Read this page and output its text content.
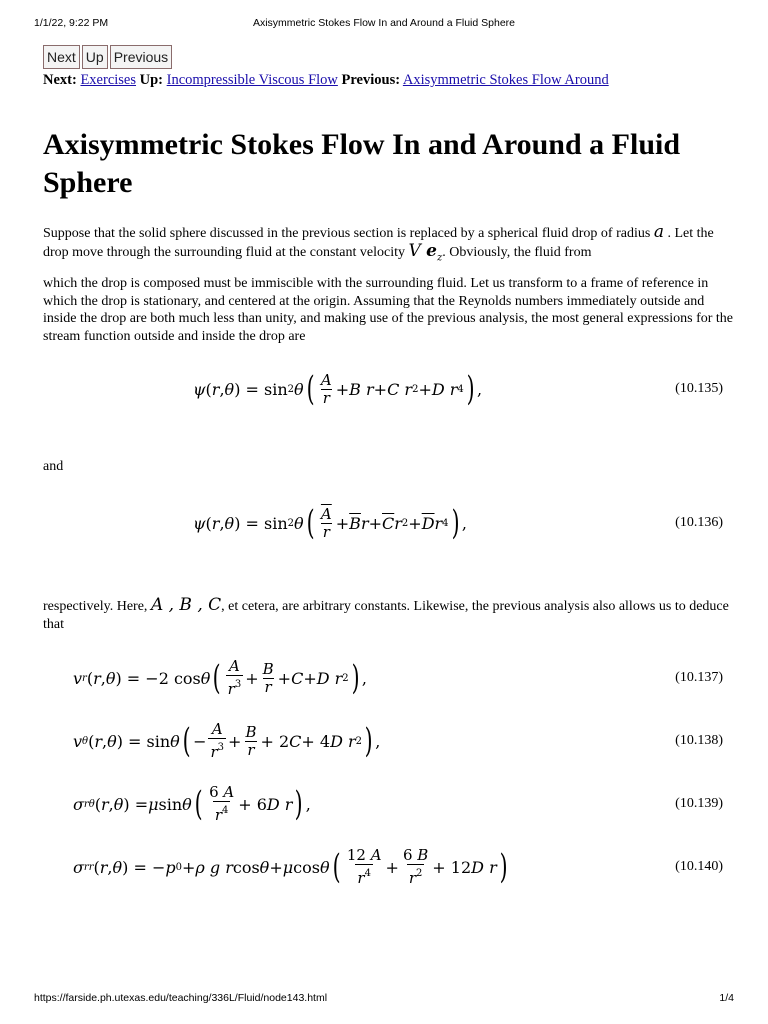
1/1/22, 9:22 PM	Axisymmetric Stokes Flow In and Around a Fluid Sphere
Next Up Previous
Next: Exercises Up: Incompressible Viscous Flow Previous: Axisymmetric Stokes Flow Around
Axisymmetric Stokes Flow In and Around a Fluid Sphere

Suppose that the solid sphere discussed in the previous section is replaced by a spherical fluid drop of radius a . Let the drop move through the surrounding fluid at the constant velocity V $e_z$. Obviously, the fluid from

which the drop is composed must be immiscible with the surrounding fluid. Let us transform to a frame of reference in which the drop is stationary, and centered at the origin. Assuming that the Reynolds numbers immediately outside and inside the drop are both much less than unity, and making use of the previous analysis, the most general expressions for the stream function outside and inside the drop are

ψ ( r , θ ) = sin 2 θ ( $\frac{A}{r} + B$ r + C r 2 + D r 4 ) ,	(10.135)

and

ψ ( r , θ ) = sin 2 θ ( $\frac{\overline{A}}{r} + \overline{B}$ $r + \overline{C}$ r $2 + \overline{D}$ r 4 ) ,	(10.136)

respectively. Here, A , B , C, et cetera, are arbitrary constants. Likewise, the previous analysis also allows us to deduce that

v r ( r , θ ) = −2 cos θ ( $\frac{A}{r^3} + \frac{B}{r} + C + D$ r 2 ) ,	(10.137)
v θ ( r , θ ) = sin θ ( − $\frac{A}{r^3} + \frac{B}{r} + 2$ C + 4 D r 2 ) ,	(10.138)
σ rθ ( r , θ ) = μ sin θ ( $\frac{6 A}{r^4} + 6$ D r ) ,	(10.139)
σ rr ( r , θ ) = − p 0 + ρ g r cos θ + μ cos θ ( $\frac{12 A}{r^4} + \frac{6 B}{r^2} + 12$ D r )	(10.140)
https://farside.ph.utexas.edu/teaching/336L/Fluid/node143.html	1/4
